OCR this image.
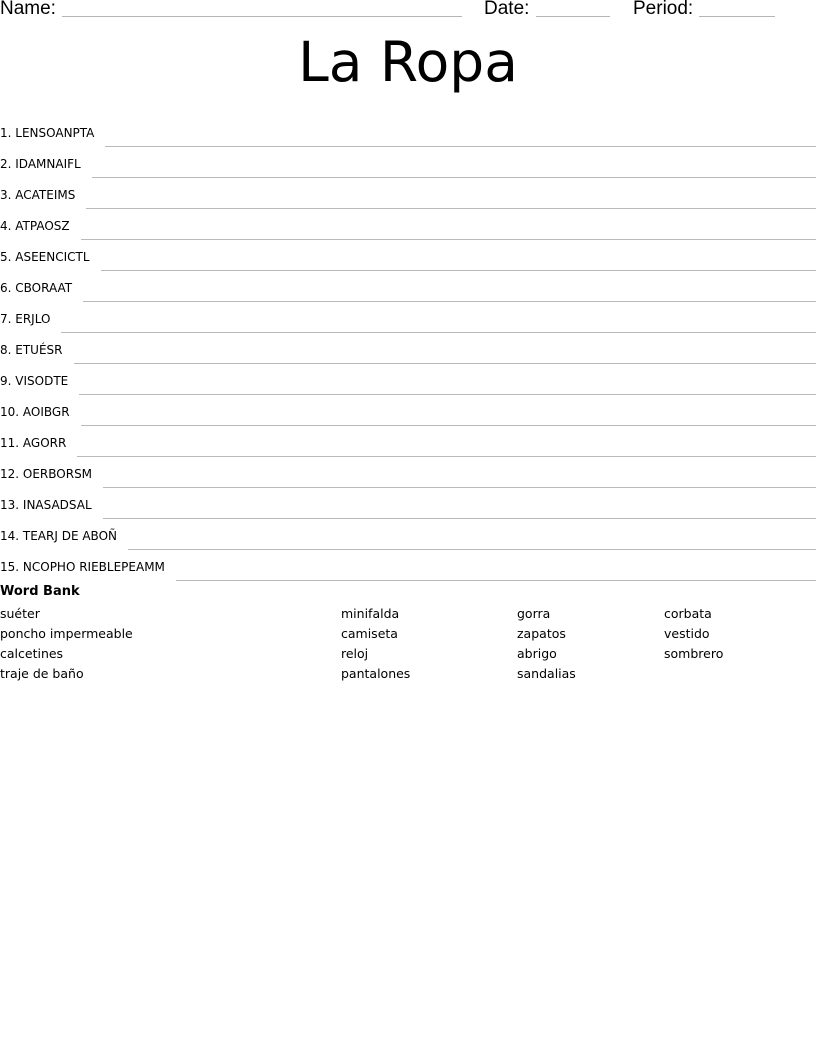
Name:	Date:	Period:
La Ropa
1. LENSOANPTA
2. IDAMNAIFL
3. ACATEIMS
4. ATPAOSZ
5. ASEENCICTL
6. CBORAAT
7. ERJLO
8. ETUÉSR
9. VISODTE
10. AOIBGR
11. AGORR
12. OERBORSM
13. INASADSAL
14. TEARJ DE ABOÑ
15. NCOPHO RIEBLEPEAMM
Word Bank
suéter
poncho impermeable
calcetines
traje de baño
minifalda
camiseta
reloj
pantalones
gorra
zapatos
abrigo
sandalias
corbata
vestido
sombrero
